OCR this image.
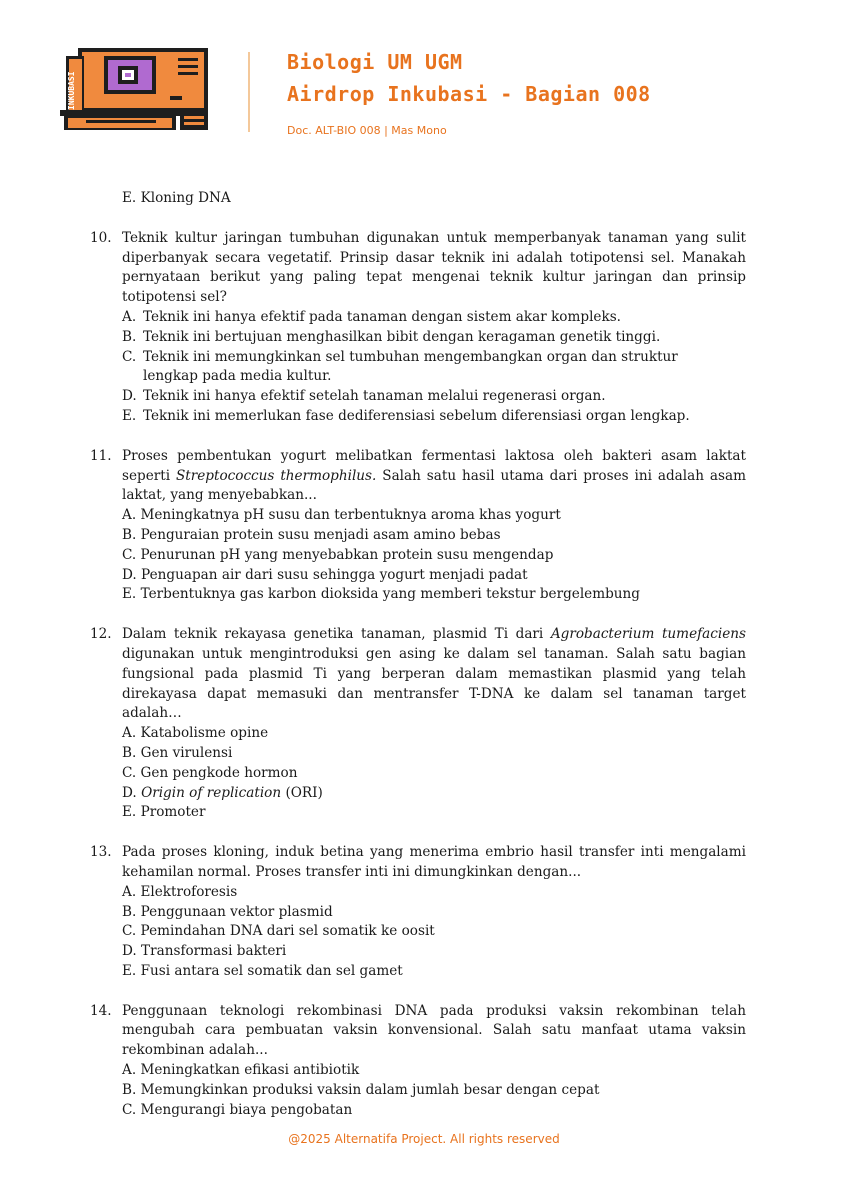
INKUBASI
Biologi UM UGM
Airdrop Inkubasi - Bagian 008
Doc. ALT-BIO 008 | Mas Mono
E. Kloning DNA
10. Teknik kultur jaringan tumbuhan digunakan untuk memperbanyak tanaman yang sulit diperbanyak secara vegetatif. Prinsip dasar teknik ini adalah totipotensi sel. Manakah pernyataan berikut yang paling tepat mengenai teknik kultur jaringan dan prinsip totipotensi sel?
A. Teknik ini hanya efektif pada tanaman dengan sistem akar kompleks.
B. Teknik ini bertujuan menghasilkan bibit dengan keragaman genetik tinggi.
C. Teknik ini memungkinkan sel tumbuhan mengembangkan organ dan struktur lengkap pada media kultur.
D. Teknik ini hanya efektif setelah tanaman melalui regenerasi organ.
E. Teknik ini memerlukan fase dediferensiasi sebelum diferensiasi organ lengkap.
11. Proses pembentukan yogurt melibatkan fermentasi laktosa oleh bakteri asam laktat seperti Streptococcus thermophilus. Salah satu hasil utama dari proses ini adalah asam laktat, yang menyebabkan...
A. Meningkatnya pH susu dan terbentuknya aroma khas yogurt
B. Penguraian protein susu menjadi asam amino bebas
C. Penurunan pH yang menyebabkan protein susu mengendap
D. Penguapan air dari susu sehingga yogurt menjadi padat
E. Terbentuknya gas karbon dioksida yang memberi tekstur bergelembung
12. Dalam teknik rekayasa genetika tanaman, plasmid Ti dari Agrobacterium tumefaciens digunakan untuk mengintroduksi gen asing ke dalam sel tanaman. Salah satu bagian fungsional pada plasmid Ti yang berperan dalam memastikan plasmid yang telah direkayasa dapat memasuki dan mentransfer T-DNA ke dalam sel tanaman target adalah…
A. Katabolisme opine
B. Gen virulensi
C. Gen pengkode hormon
D. Origin of replication (ORI)
E. Promoter
13. Pada proses kloning, induk betina yang menerima embrio hasil transfer inti mengalami kehamilan normal. Proses transfer inti ini dimungkinkan dengan...
A. Elektroforesis
B. Penggunaan vektor plasmid
C. Pemindahan DNA dari sel somatik ke oosit
D. Transformasi bakteri
E. Fusi antara sel somatik dan sel gamet
14. Penggunaan teknologi rekombinasi DNA pada produksi vaksin rekombinan telah mengubah cara pembuatan vaksin konvensional. Salah satu manfaat utama vaksin rekombinan adalah...
A. Meningkatkan efikasi antibiotik
B. Memungkinkan produksi vaksin dalam jumlah besar dengan cepat
C. Mengurangi biaya pengobatan
@2025 Alternatifa Project. All rights reserved
